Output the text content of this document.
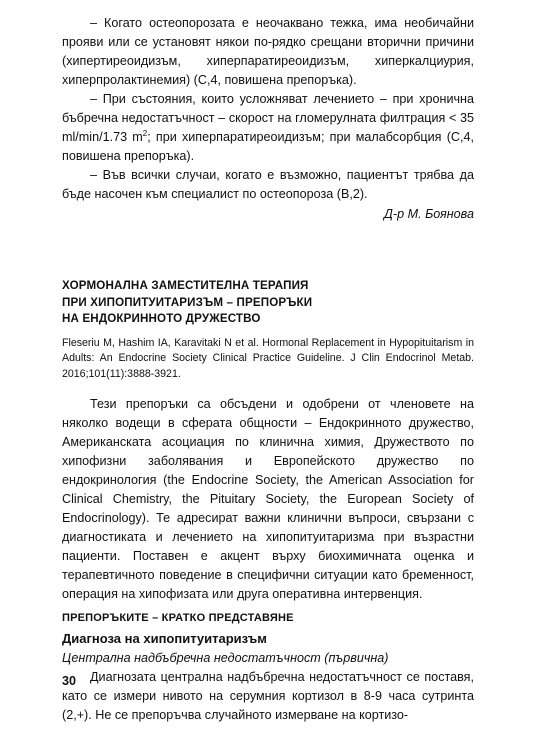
– Когато остеопорозата е неочаквано тежка, има необичайни прояви или се установят някои по-рядко срещани вторични причини (хипертиреоидизъм, хиперпаратиреоидизъм, хиперкалциурия, хиперпролактинемия) (C,4, повишена препоръка).

– При състояния, които усложняват лечението – при хронична бъбречна недостатъчност – скорост на гломерулната филтрация < 35 ml/min/1.73 $m^2$; при хиперпаратиреоидизъм; при малабсорбция (C,4, повишена препоръка).

– Във всички случаи, когато е възможно, пациентът трябва да бъде насочен към специалист по остеопороза (B,2).

Д-р М. Боянова
ХОРМОНАЛНА ЗАМЕСТИТЕЛНА ТЕРАПИЯ
ПРИ ХИПОПИТУИТАРИЗЪМ – ПРЕПОРЪКИ
НА ЕНДОКРИННОТО ДРУЖЕСТВО

Fleseriu M, Hashim IA, Karavitaki N et al. Hormonal Replacement in Hypopituitarism in Adults: An Endocrine Society Clinical Practice Guideline. J Clin Endocrinol Metab. 2016;101(11):3888-3921.

Тези препоръки са обсъдени и одобрени от членовете на няколко водещи в сферата общности – Ендокринното дружество, Американската асоциация по клинична химия, Дружеството по хипофизни заболявания и Европейското дружество по ендокринология (the Endocrine Society, the American Association for Clinical Chemistry, the Pituitary Society, the European Society of Endocrinology). Те адресират важни клинични въпроси, свързани с диагностиката и лечението на хипопитуитаризма при възрастни пациенти. Поставен е акцент върху биохимичната оценка и терапевтичното поведение в специфични ситуации като бременност, операция на хипофизата или друга оперативна интервенция.

ПРЕПОРЪКИТЕ – КРАТКО ПРЕДСТАВЯНЕ
Диагноза на хипопитуитаризъм
Централна надбъбречна недостатъчност (първична)

Диагнозата централна надбъбречна недостатъчност се поставя, като се измери нивото на серумния кортизол в 8-9 часа сутринта (2,+). Не се препоръчва случайното измерване на кортизо-

30
